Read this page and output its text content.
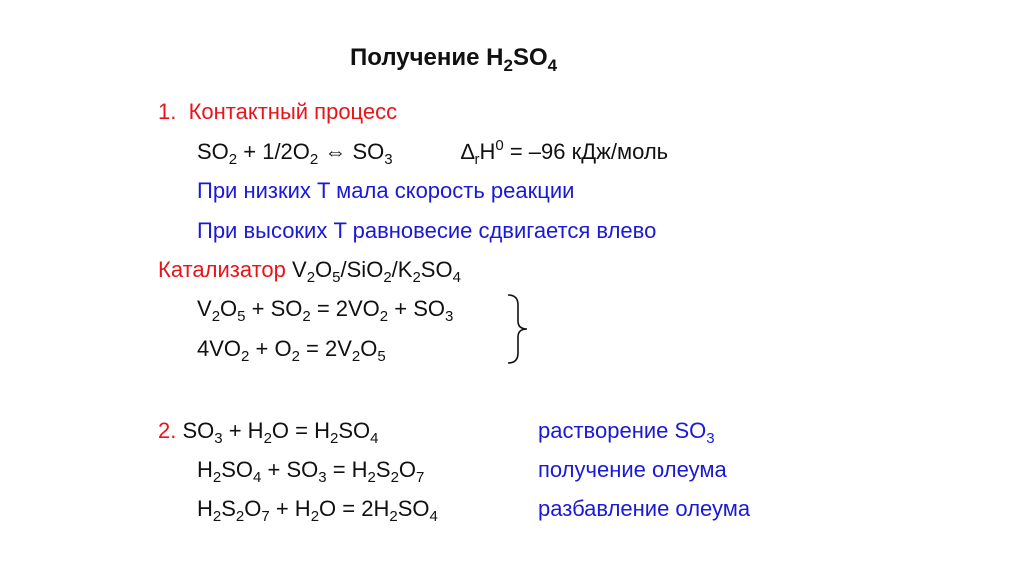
Получение $H_2SO_4$
1. Контактный процесс
$SO_2 + 1/2O_2$ ⇔ $SO_3$	$\Delta_rH^0 = -96$ кДж/моль
При низких T мала скорость реакции
При высоких T равновесие сдвигается влево
Катализатор $V_2O_5/SiO_2/K_2SO_4$
$V_2O_5 + SO_2 = 2VO_2 + SO_3$
$4VO_2 + O_2 = 2V_2O_5$
2. $SO_3 + H_2O = H_2SO_4$	растворение $SO_3$
$H_2SO_4 + SO_3 = H_2S_2O_7$	получение олеума
$H_2S_2O_7 + H_2O = 2H_2SO_4$	разбавление олеума
